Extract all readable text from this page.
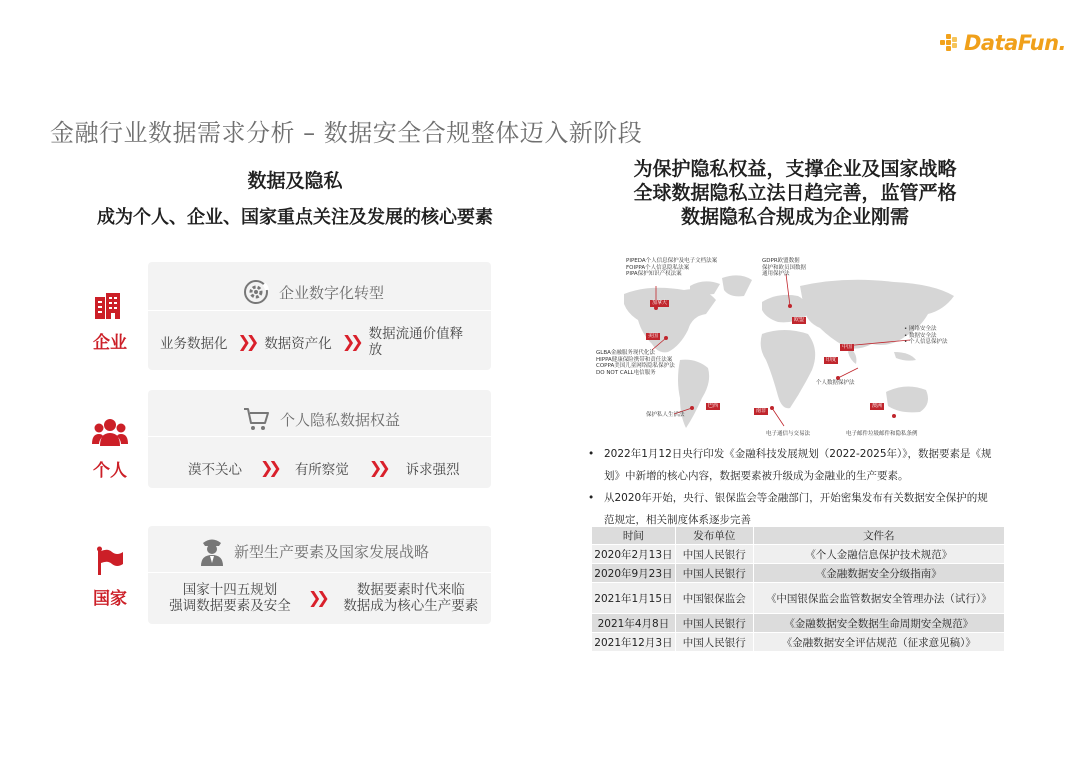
DataFun.
金融行业数据需求分析 – 数据安全合规整体迈入新阶段
数据及隐私
成为个人、企业、国家重点关注及发展的核心要素
企业
企业数字化转型
业务数据化 ❯❯ 数据资产化 ❯❯ 数据流通价值释放
个人
个人隐私数据权益
漠不关心 ❯❯ 有所察觉 ❯❯ 诉求强烈
国家
新型生产要素及国家发展战略
国家十四五规划
强调数据要素及安全 ❯❯	数据要素时代来临
数据成为核心生产要素
为保护隐私权益，支撑企业及国家战略
全球数据隐私立法日趋完善，监管严格
数据隐私合规成为企业刚需
PIPEDA个人信息保护及电子文档法案
FOIPPA个人信息隐私法案
PIPA保护知识产权法案
GDPR欧盟数据
保护和欧员国数据
通用保护法
GLBA金融服务现代化法
HIPPA健康保险携带和责任法案
COPPA美国儿童网络隐私保护法
DO NOT CALL电信服务
• 网络安全法
• 数据安全法
• 个人信息保护法
个人数据保护法
保护私人生活法
电子通信与交易法	电子邮件垃圾邮件和隐私条例
加拿大
美国
欧盟
中国
印度
南非
巴西	澳洲
• 2022年1月12日央行印发《金融科技发展规划（2022-2025年）》，数据要素是《规划》中新增的核心内容，数据要素被升级成为金融业的生产要素。
• 从2020年开始，央行、银保监会等金融部门，开始密集发布有关数据安全保护的规范规定，相关制度体系逐步完善
时间	发布单位	文件名
2020年2月13日	中国人民银行	《个人金融信息保护技术规范》
2020年9月23日	中国人民银行	《金融数据安全分级指南》
2021年1月15日	中国银保监会	《中国银保监会监管数据安全管理办法（试行）》
2021年4月8日	中国人民银行	《金融数据安全数据生命周期安全规范》
2021年12月3日	中国人民银行	《金融数据安全评估规范（征求意见稿）》
